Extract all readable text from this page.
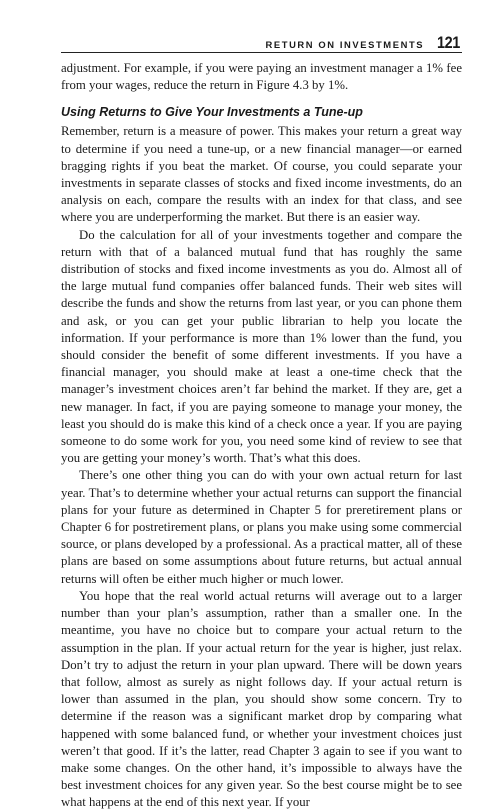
RETURN ON INVESTMENTS 121

adjustment. For example, if you were paying an investment manager a 1% fee from your wages, reduce the return in Figure 4.3 by 1%.

Using Returns to Give Your Investments a Tune-up

Remember, return is a measure of power. This makes your return a great way to determine if you need a tune-up, or a new financial manager—or earned bragging rights if you beat the market. Of course, you could separate your investments in separate classes of stocks and fixed income investments, do an analysis on each, compare the results with an index for that class, and see where you are underperforming the market. But there is an easier way.

Do the calculation for all of your investments together and compare the return with that of a balanced mutual fund that has roughly the same distribution of stocks and fixed income investments as you do. Almost all of the large mutual fund companies offer balanced funds. Their web sites will describe the funds and show the returns from last year, or you can phone them and ask, or you can get your public librarian to help you locate the information. If your performance is more than 1% lower than the fund, you should consider the benefit of some different investments. If you have a financial manager, you should make at least a one-time check that the manager’s investment choices aren’t far behind the market. If they are, get a new manager. In fact, if you are paying someone to manage your money, the least you should do is make this kind of a check once a year. If you are paying someone to do some work for you, you need some kind of review to see that you are getting your money’s worth. That’s what this does.

There’s one other thing you can do with your own actual return for last year. That’s to determine whether your actual returns can support the financial plans for your future as determined in Chapter 5 for preretirement plans or Chapter 6 for postretirement plans, or plans you make using some commercial source, or plans developed by a professional. As a practical matter, all of these plans are based on some assumptions about future returns, but actual annual returns will often be either much higher or much lower.

You hope that the real world actual returns will average out to a larger number than your plan’s assumption, rather than a smaller one. In the meantime, you have no choice but to compare your actual return to the assumption in the plan. If your actual return for the year is higher, just relax. Don’t try to adjust the return in your plan upward. There will be down years that follow, almost as surely as night follows day. If your actual return is lower than assumed in the plan, you should show some concern. Try to determine if the reason was a significant market drop by comparing what happened with some balanced fund, or whether your investment choices just weren’t that good. If it’s the latter, read Chapter 3 again to see if you want to make some changes. On the other hand, it’s impossible to always have the best investment choices for any given year. So the best course might be to see what happens at the end of this next year. If your
